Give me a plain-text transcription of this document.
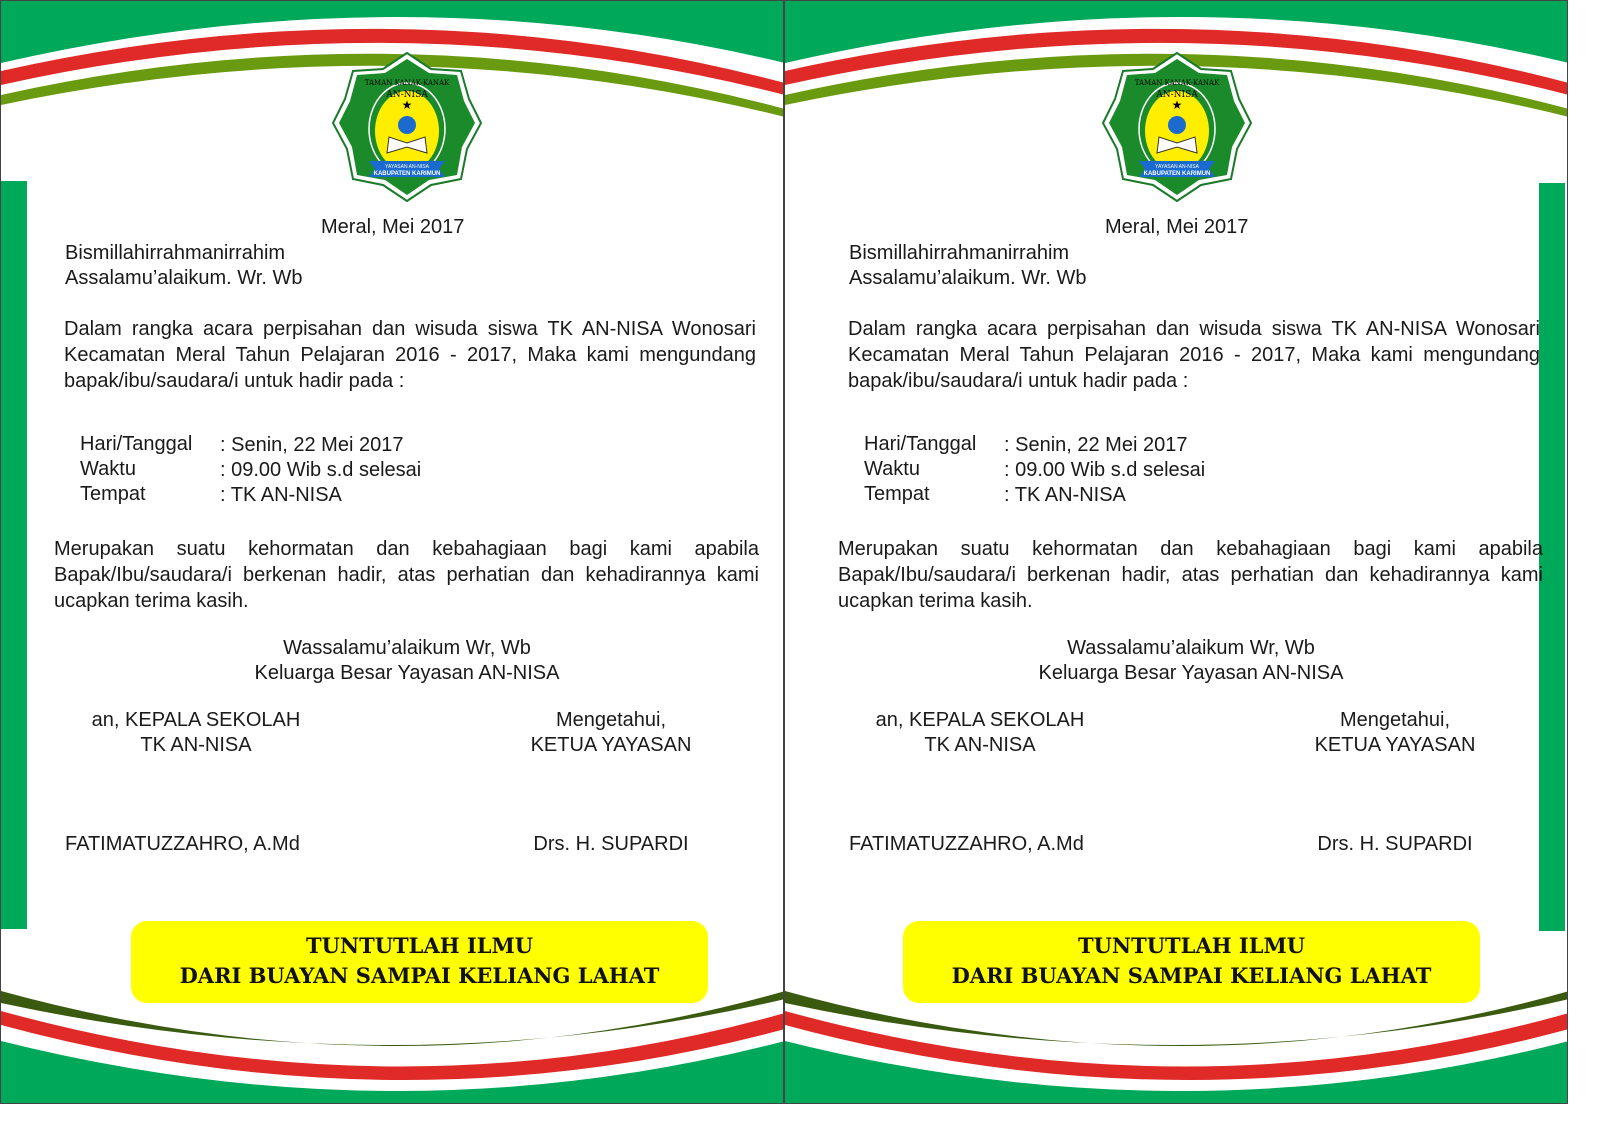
★
YAYASAN AN-NISA
KABUPATEN KARIMUN
TAMAN KANAK-KANAK
AN-NISA
Meral, Mei 2017
Bismillahirrahmanirrahim
Assalamu’alaikum. Wr. Wb
Dalam rangka acara perpisahan dan wisuda siswa TK AN-NISA Wonosari Kecamatan Meral Tahun Pelajaran 2016 - 2017, Maka kami mengundang bapak/ibu/saudara/i untuk hadir pada :
Hari/Tanggal : Senin, 22 Mei 2017
Waktu	: 09.00 Wib s.d selesai
Tempat	: TK AN-NISA
Merupakan suatu kehormatan dan kebahagiaan bagi kami apabila Bapak/Ibu/saudara/i berkenan hadir, atas perhatian dan kehadirannya kami ucapkan terima kasih.
Wassalamu’alaikum Wr, Wb
Keluarga Besar Yayasan AN-NISA
an, KEPALA SEKOLAH
TK AN-NISA
Mengetahui,
KETUA YAYASAN
FATIMATUZZAHRO, A.Md	Drs. H. SUPARDI
TUNTUTLAH ILMU
DARI BUAYAN SAMPAI KELIANG LAHAT
★
YAYASAN AN-NISA
KABUPATEN KARIMUN
TAMAN KANAK-KANAK
AN-NISA
Meral, Mei 2017
Bismillahirrahmanirrahim
Assalamu’alaikum. Wr. Wb
Dalam rangka acara perpisahan dan wisuda siswa TK AN-NISA Wonosari Kecamatan Meral Tahun Pelajaran 2016 - 2017, Maka kami mengundang bapak/ibu/saudara/i untuk hadir pada :
Hari/Tanggal : Senin, 22 Mei 2017
Waktu	: 09.00 Wib s.d selesai
Tempat	: TK AN-NISA
Merupakan suatu kehormatan dan kebahagiaan bagi kami apabila Bapak/Ibu/saudara/i berkenan hadir, atas perhatian dan kehadirannya kami ucapkan terima kasih.
Wassalamu’alaikum Wr, Wb
Keluarga Besar Yayasan AN-NISA
an, KEPALA SEKOLAH
TK AN-NISA
Mengetahui,
KETUA YAYASAN
FATIMATUZZAHRO, A.Md	Drs. H. SUPARDI
TUNTUTLAH ILMU
DARI BUAYAN SAMPAI KELIANG LAHAT
